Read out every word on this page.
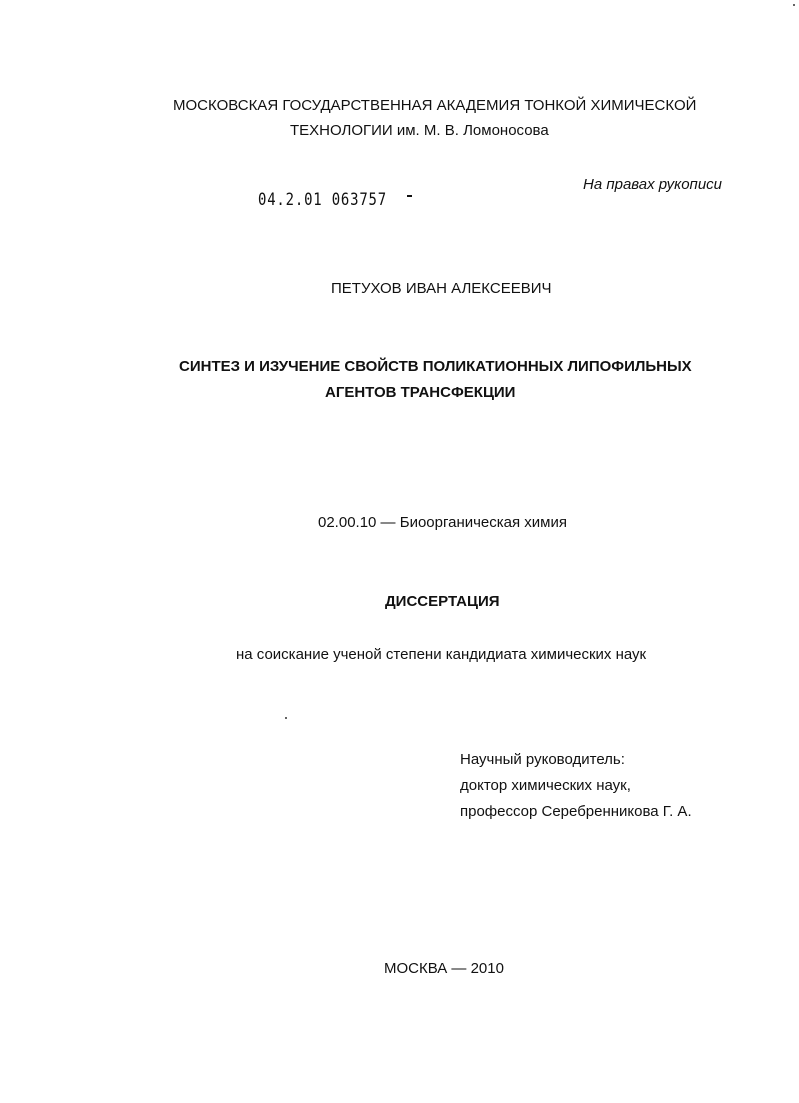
МОСКОВСКАЯ ГОСУДАРСТВЕННАЯ АКАДЕМИЯ ТОНКОЙ ХИМИЧЕСКОЙ
ТЕХНОЛОГИИ им. М. В. Ломоносова
На правах рукописи
04.2.01 063757
ПЕТУХОВ ИВАН АЛЕКСЕЕВИЧ
СИНТЕЗ И ИЗУЧЕНИЕ СВОЙСТВ ПОЛИКАТИОННЫХ ЛИПОФИЛЬНЫХ
АГЕНТОВ ТРАНСФЕКЦИИ
02.00.10 — Биоорганическая химия
ДИССЕРТАЦИЯ
на соискание ученой степени кандидиата химических наук
Научный руководитель:
доктор химических наук,
профессор Серебренникова Г. А.
МОСКВА — 2010
